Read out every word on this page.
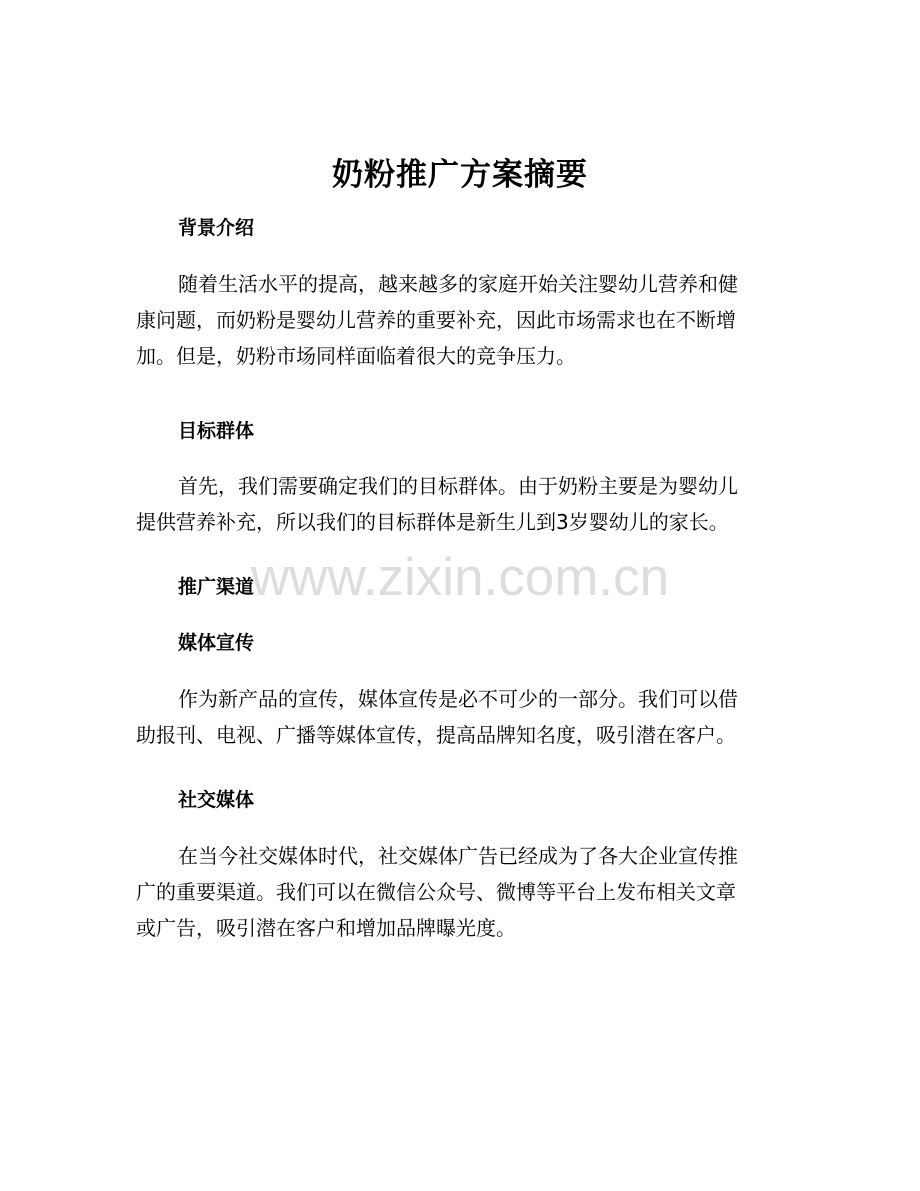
奶粉推广方案摘要
背景介绍
随着生活水平的提高，越来越多的家庭开始关注婴幼儿营养和健
康问题，而奶粉是婴幼儿营养的重要补充，因此市场需求也在不断增
加。但是，奶粉市场同样面临着很大的竞争压力。
目标群体
首先，我们需要确定我们的目标群体。由于奶粉主要是为婴幼儿
提供营养补充，所以我们的目标群体是新生儿到3岁婴幼儿的家长。
推广渠道
媒体宣传
作为新产品的宣传，媒体宣传是必不可少的一部分。我们可以借
助报刊、电视、广播等媒体宣传，提高品牌知名度，吸引潜在客户。
社交媒体
在当今社交媒体时代，社交媒体广告已经成为了各大企业宣传推
广的重要渠道。我们可以在微信公众号、微博等平台上发布相关文章
或广告，吸引潜在客户和增加品牌曝光度。
www.zixin.com.cn
